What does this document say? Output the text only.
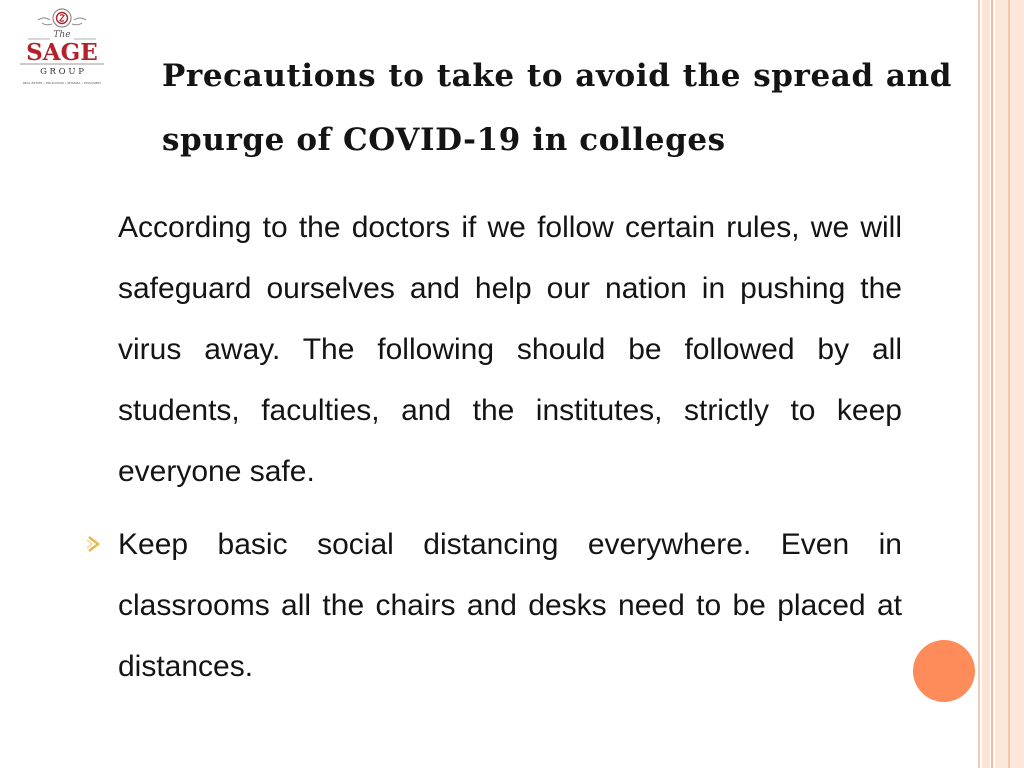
The
SAGE
G R O U P
REAL ESTATE • EDUCATION • PHARMA • DISCOVERY Precautions to take to avoid the spread and spurge of COVID-19 in colleges
According to the doctors if we follow certain rules, we will safeguard ourselves and help our nation in pushing the virus away. The following should be followed by all students, faculties, and the institutes, strictly to keep everyone safe.
Keep basic social distancing everywhere. Even in classrooms all the chairs and desks need to be placed at distances.
